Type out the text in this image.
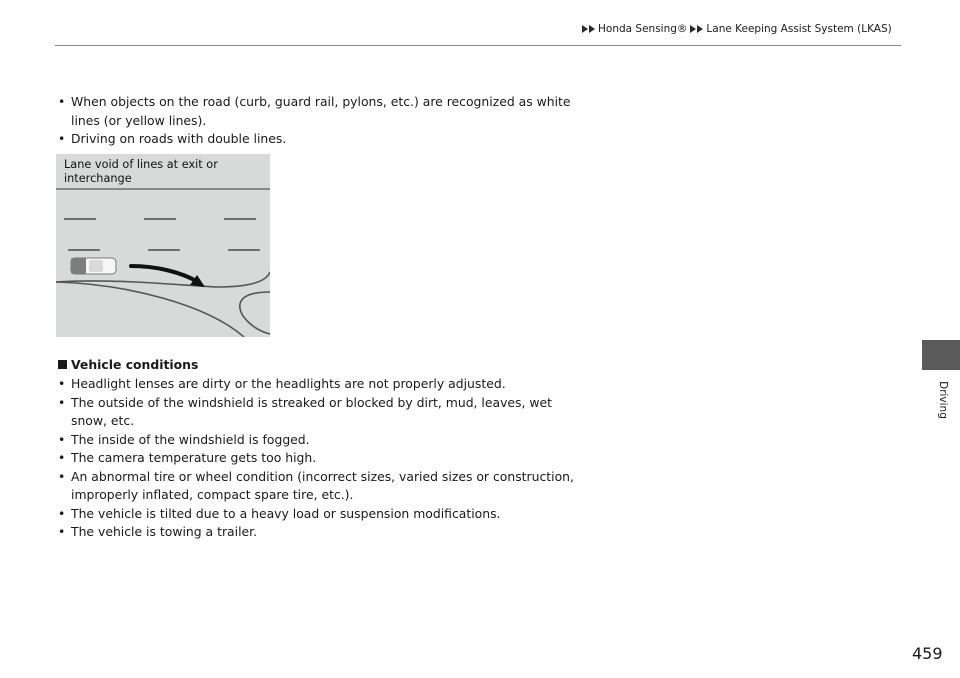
Honda Sensing® Lane Keeping Assist System (LKAS)
• When objects on the road (curb, guard rail, pylons, etc.) are recognized as white lines (or yellow lines).
• Driving on roads with double lines.
Lane void of lines at exit or interchange
Vehicle conditions
• Headlight lenses are dirty or the headlights are not properly adjusted.
• The outside of the windshield is streaked or blocked by dirt, mud, leaves, wet snow, etc.
• The inside of the windshield is fogged.
• The camera temperature gets too high.
• An abnormal tire or wheel condition (incorrect sizes, varied sizes or construction, improperly inflated, compact spare tire, etc.).
• The vehicle is tilted due to a heavy load or suspension modifications.
• The vehicle is towing a trailer.
Driving
459
